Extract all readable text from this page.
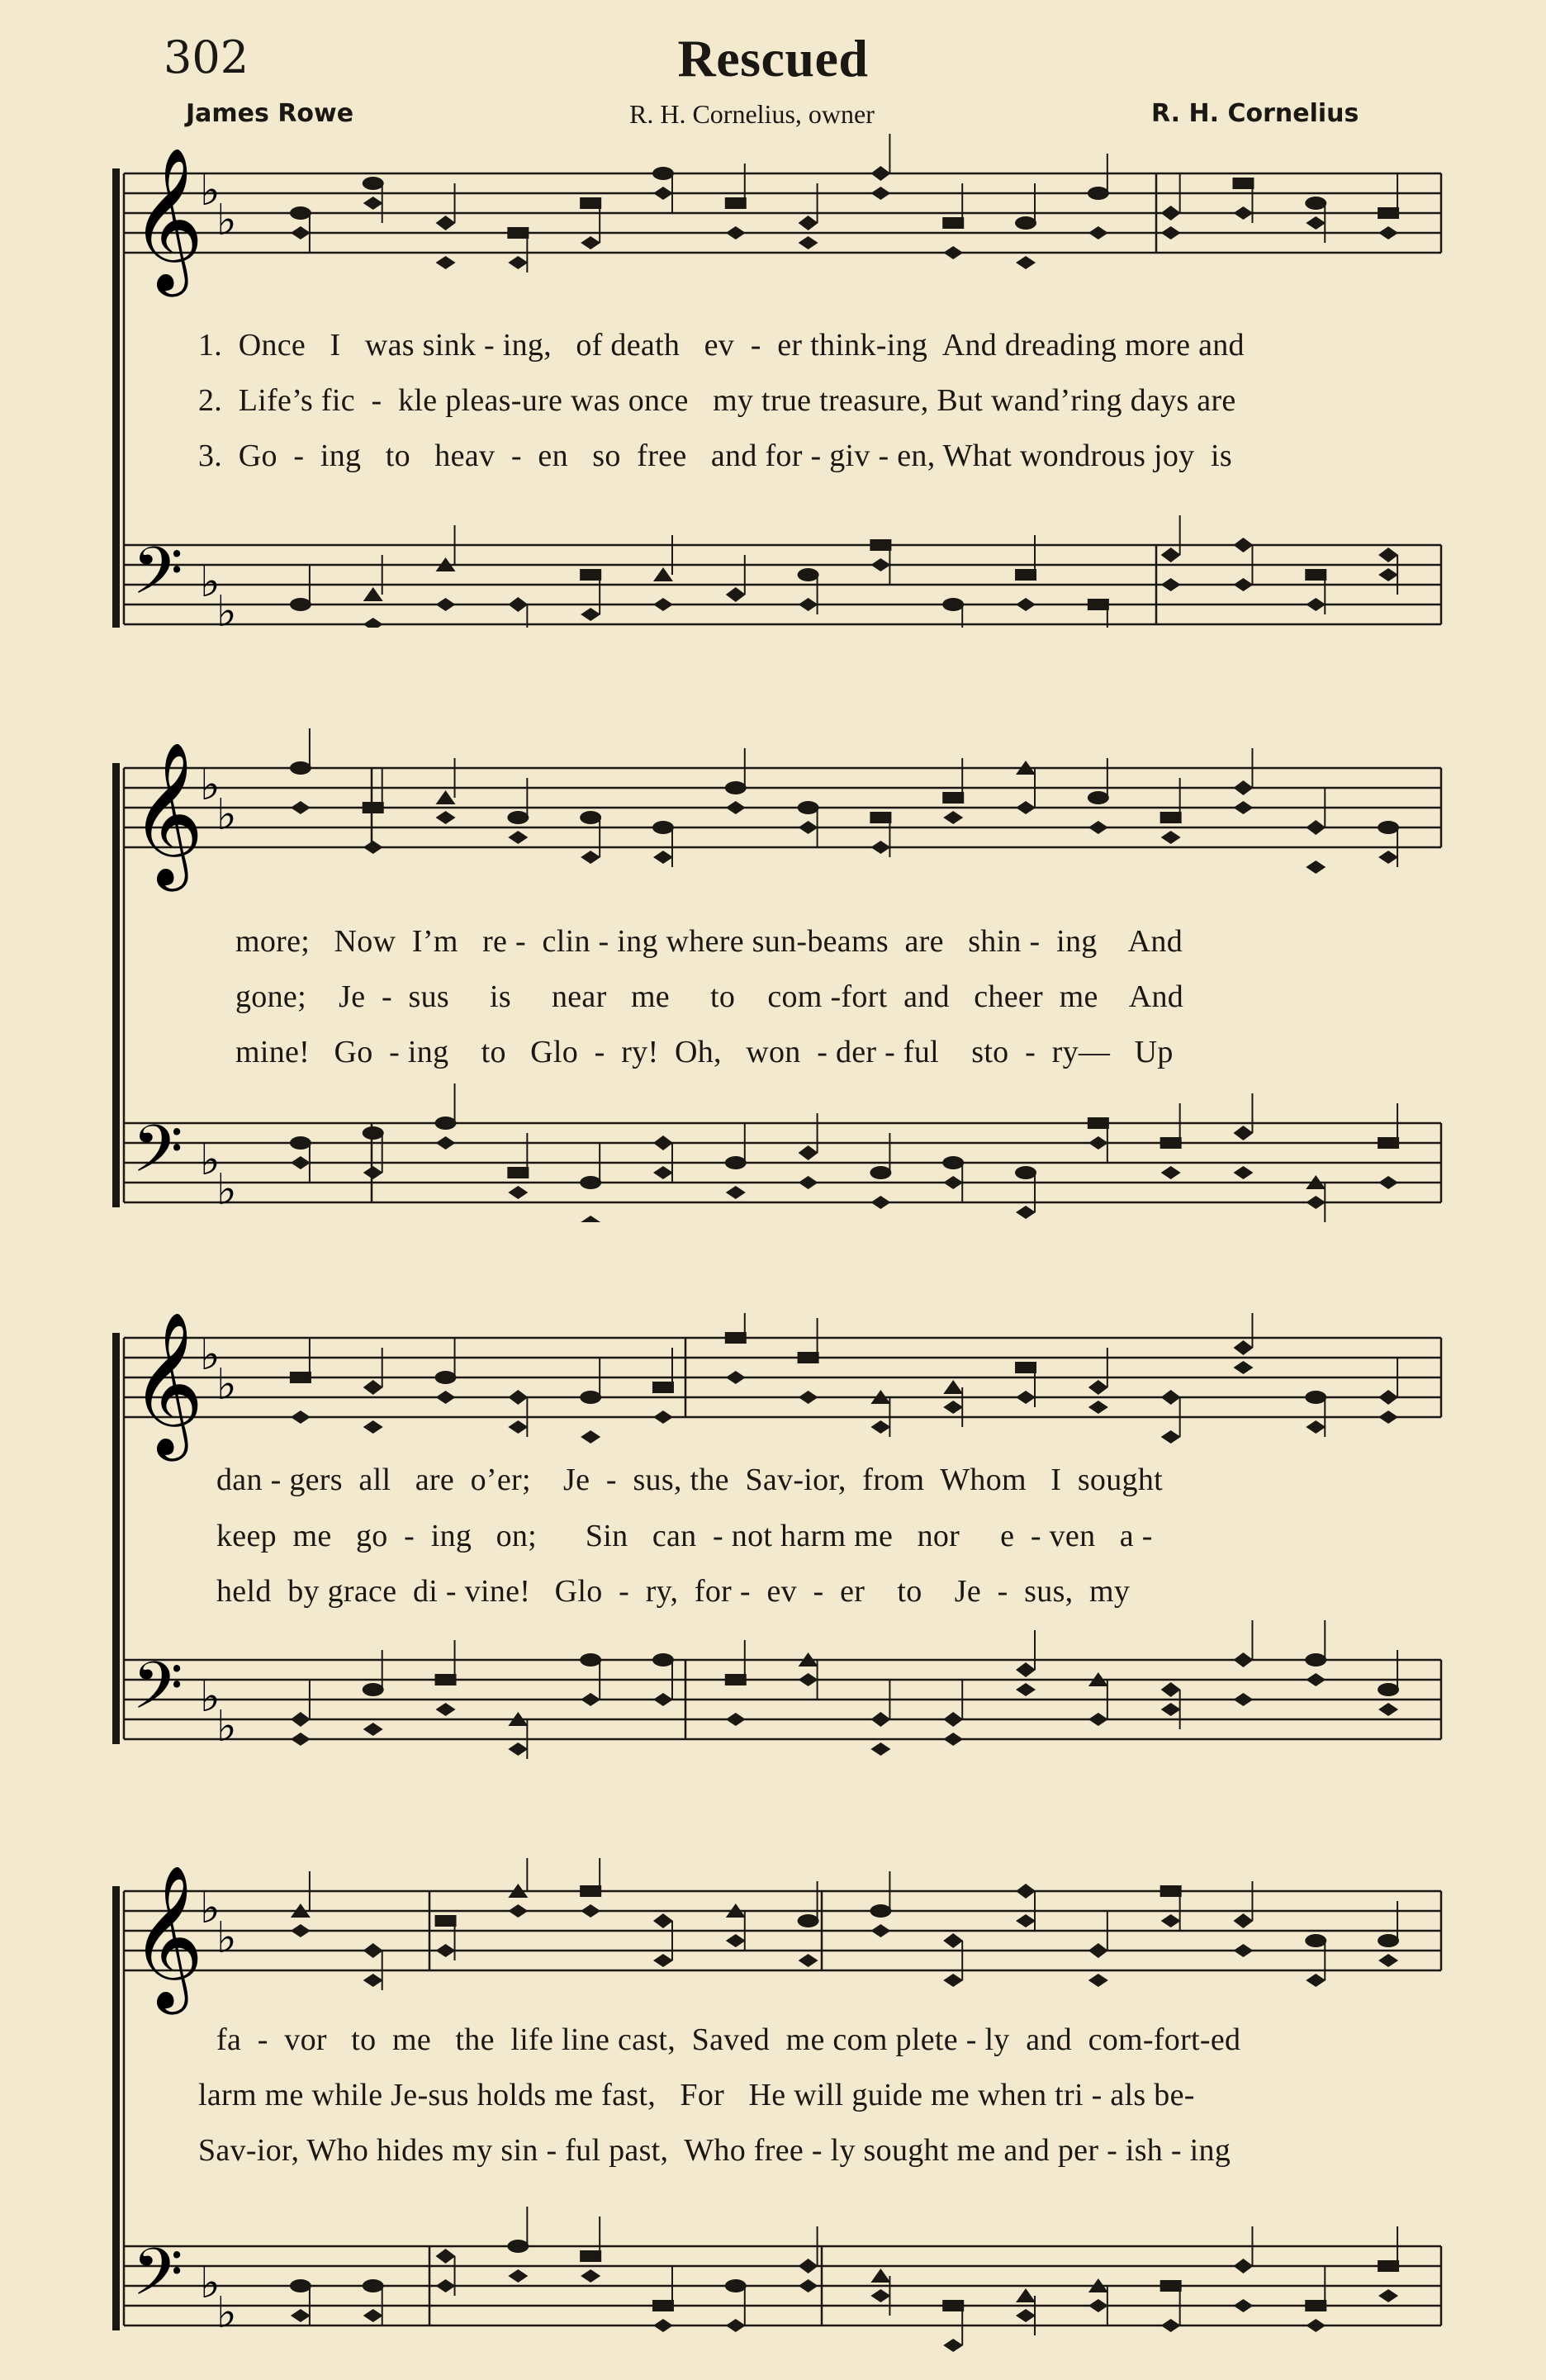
302	Rescued
James Rowe	R. H. Cornelius, owner	R. H. Cornelius
𝄞
𝄢
♭
♭
♭
♭
1.  Once   I   was sink - ing,   of death   ev  -  er think-ing  And dreading more and
2.  Life’s fic  -  kle pleas-ure was once   my true treasure, But wand’ring days are
3.  Go  -  ing   to   heav  -  en   so  free   and for - giv - en, What wondrous joy  is
𝄞
𝄢
♭
♭
♭
♭
more;   Now  I’m   re -  clin - ing where sun-beams  are   shin -  ing    And
gone;    Je  -  sus     is     near   me     to    com -fort  and   cheer  me    And
mine!   Go  - ing    to   Glo  -  ry!  Oh,   won  - der - ful    sto  -  ry—   Up
𝄞
𝄢
♭
♭
♭
♭
dan - gers  all   are  o’er;    Je  -  sus, the  Sav-ior,  from  Whom   I  sought
keep  me   go  -  ing   on;      Sin   can  - not harm me   nor     e  - ven   a -
held  by grace  di - vine!   Glo  -  ry,  for -  ev  -  er    to    Je  -  sus,  my
𝄞
𝄢
♭
♭
♭
♭
fa  -  vor   to  me   the  life line cast,  Saved  me com plete - ly  and  com-fort-ed
larm me while Je-sus holds me fast,   For   He will guide me when tri - als be-
Sav-ior, Who hides my sin - ful past,  Who free - ly sought me and per - ish - ing
